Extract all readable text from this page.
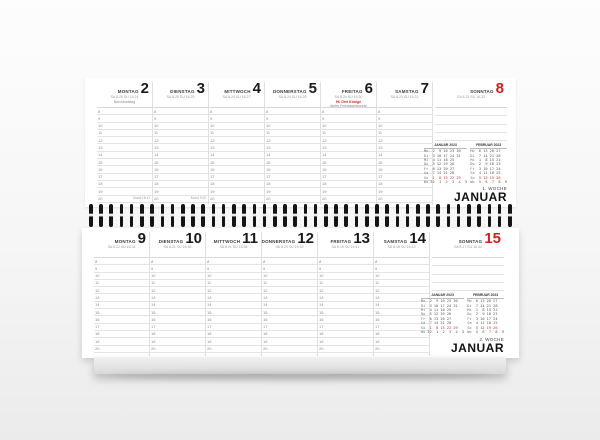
MONTAG 2
SA 8.25 SU 16.24
Berchtoldstag
8
9
10
11
12
13
14
15
16
17
18
19
20	Mond 18.41
DIENSTAG 3
SA 8.25 SU 16.25
8
9
10
11
12
13
14
15
16
17
18
19
20	Mond 9.02
MITTWOCH 4
SA 8.24 SU 16.27
8
9
10
11
12
13
14
15
16
17
18
19
20
DONNERSTAG 5
SA 8.24 SU 16.28
8
9
10
11
12
13
14
15
16
17
18
19
20
FREITAG 6
SA 8.24 SU 16.30
Hl. Drei Könige
(siehe Feiertagshinweis)
8
9
10
11
12
13
14
15
16
17
18
19
20
SAMSTAG 7
SA 8.23 SU 16.31
8
9
10
11
12
13
14
15
16
17
18
19
20
SONNTAG 8
SA 8.23 SU 16.33
JANUAR 2023
Mo 2  9 16 23 30
Di 3 10 17 24 31
Mi 4 11 18 25
Do 5 12 19 26
Fr 6 13 20 27
Sa 7 14 21 28
So 1  8 15 22 29
Wo 52  1  2  3  4  5
FEBRUAR 2023
Mo 6 13 20 27
Di 7 14 21 28
Mi 1  8 15 22
Do 2  9 16 23
Fr 3 10 17 24
Sa 4 11 18 25
So 5 12 19 26
Wo 5  6  7  8  9
1. WOCHE
JANUAR
MONTAG 9
SA 8.22 SU 16.34
8
9
10
11
12
13
14
15
16
17
18
19
20
DIENSTAG 10
SA 8.21 SU 16.36
8
9
10
11
12
13
14
15
16
17
18
19
20
MITTWOCH 11
SA 8.21 SU 16.38
8
9
10
11
12
13
14
15
16
17
18
19
20
DONNERSTAG 12
SA 8.20 SU 16.39
8
9
10
11
12
13
14
15
16
17
18
19
20
FREITAG 13
SA 8.19 SU 16.41
8
9
10
11
12
13
14
15
16
17
18
19
20
SAMSTAG 14
SA 8.18 SU 16.43
8
9
10
11
12
13
14
15
16
17
18
19
20
SONNTAG 15
SA 8.17 SU 16.44
JANUAR 2023
Mo 2  9 16 23 30
Di 3 10 17 24 31
Mi 4 11 18 25
Do 5 12 19 26
Fr 6 13 20 27
Sa 7 14 21 28
So 1  8 15 22 29
Wo 52  1  2  3  4  5
FEBRUAR 2023
Mo 6 13 20 27
Di 7 14 21 28
Mi 1  8 15 22
Do 2  9 16 23
Fr 3 10 17 24
Sa 4 11 18 25
So 5 12 19 26
Wo 5  6  7  8  9
2. WOCHE
JANUAR
